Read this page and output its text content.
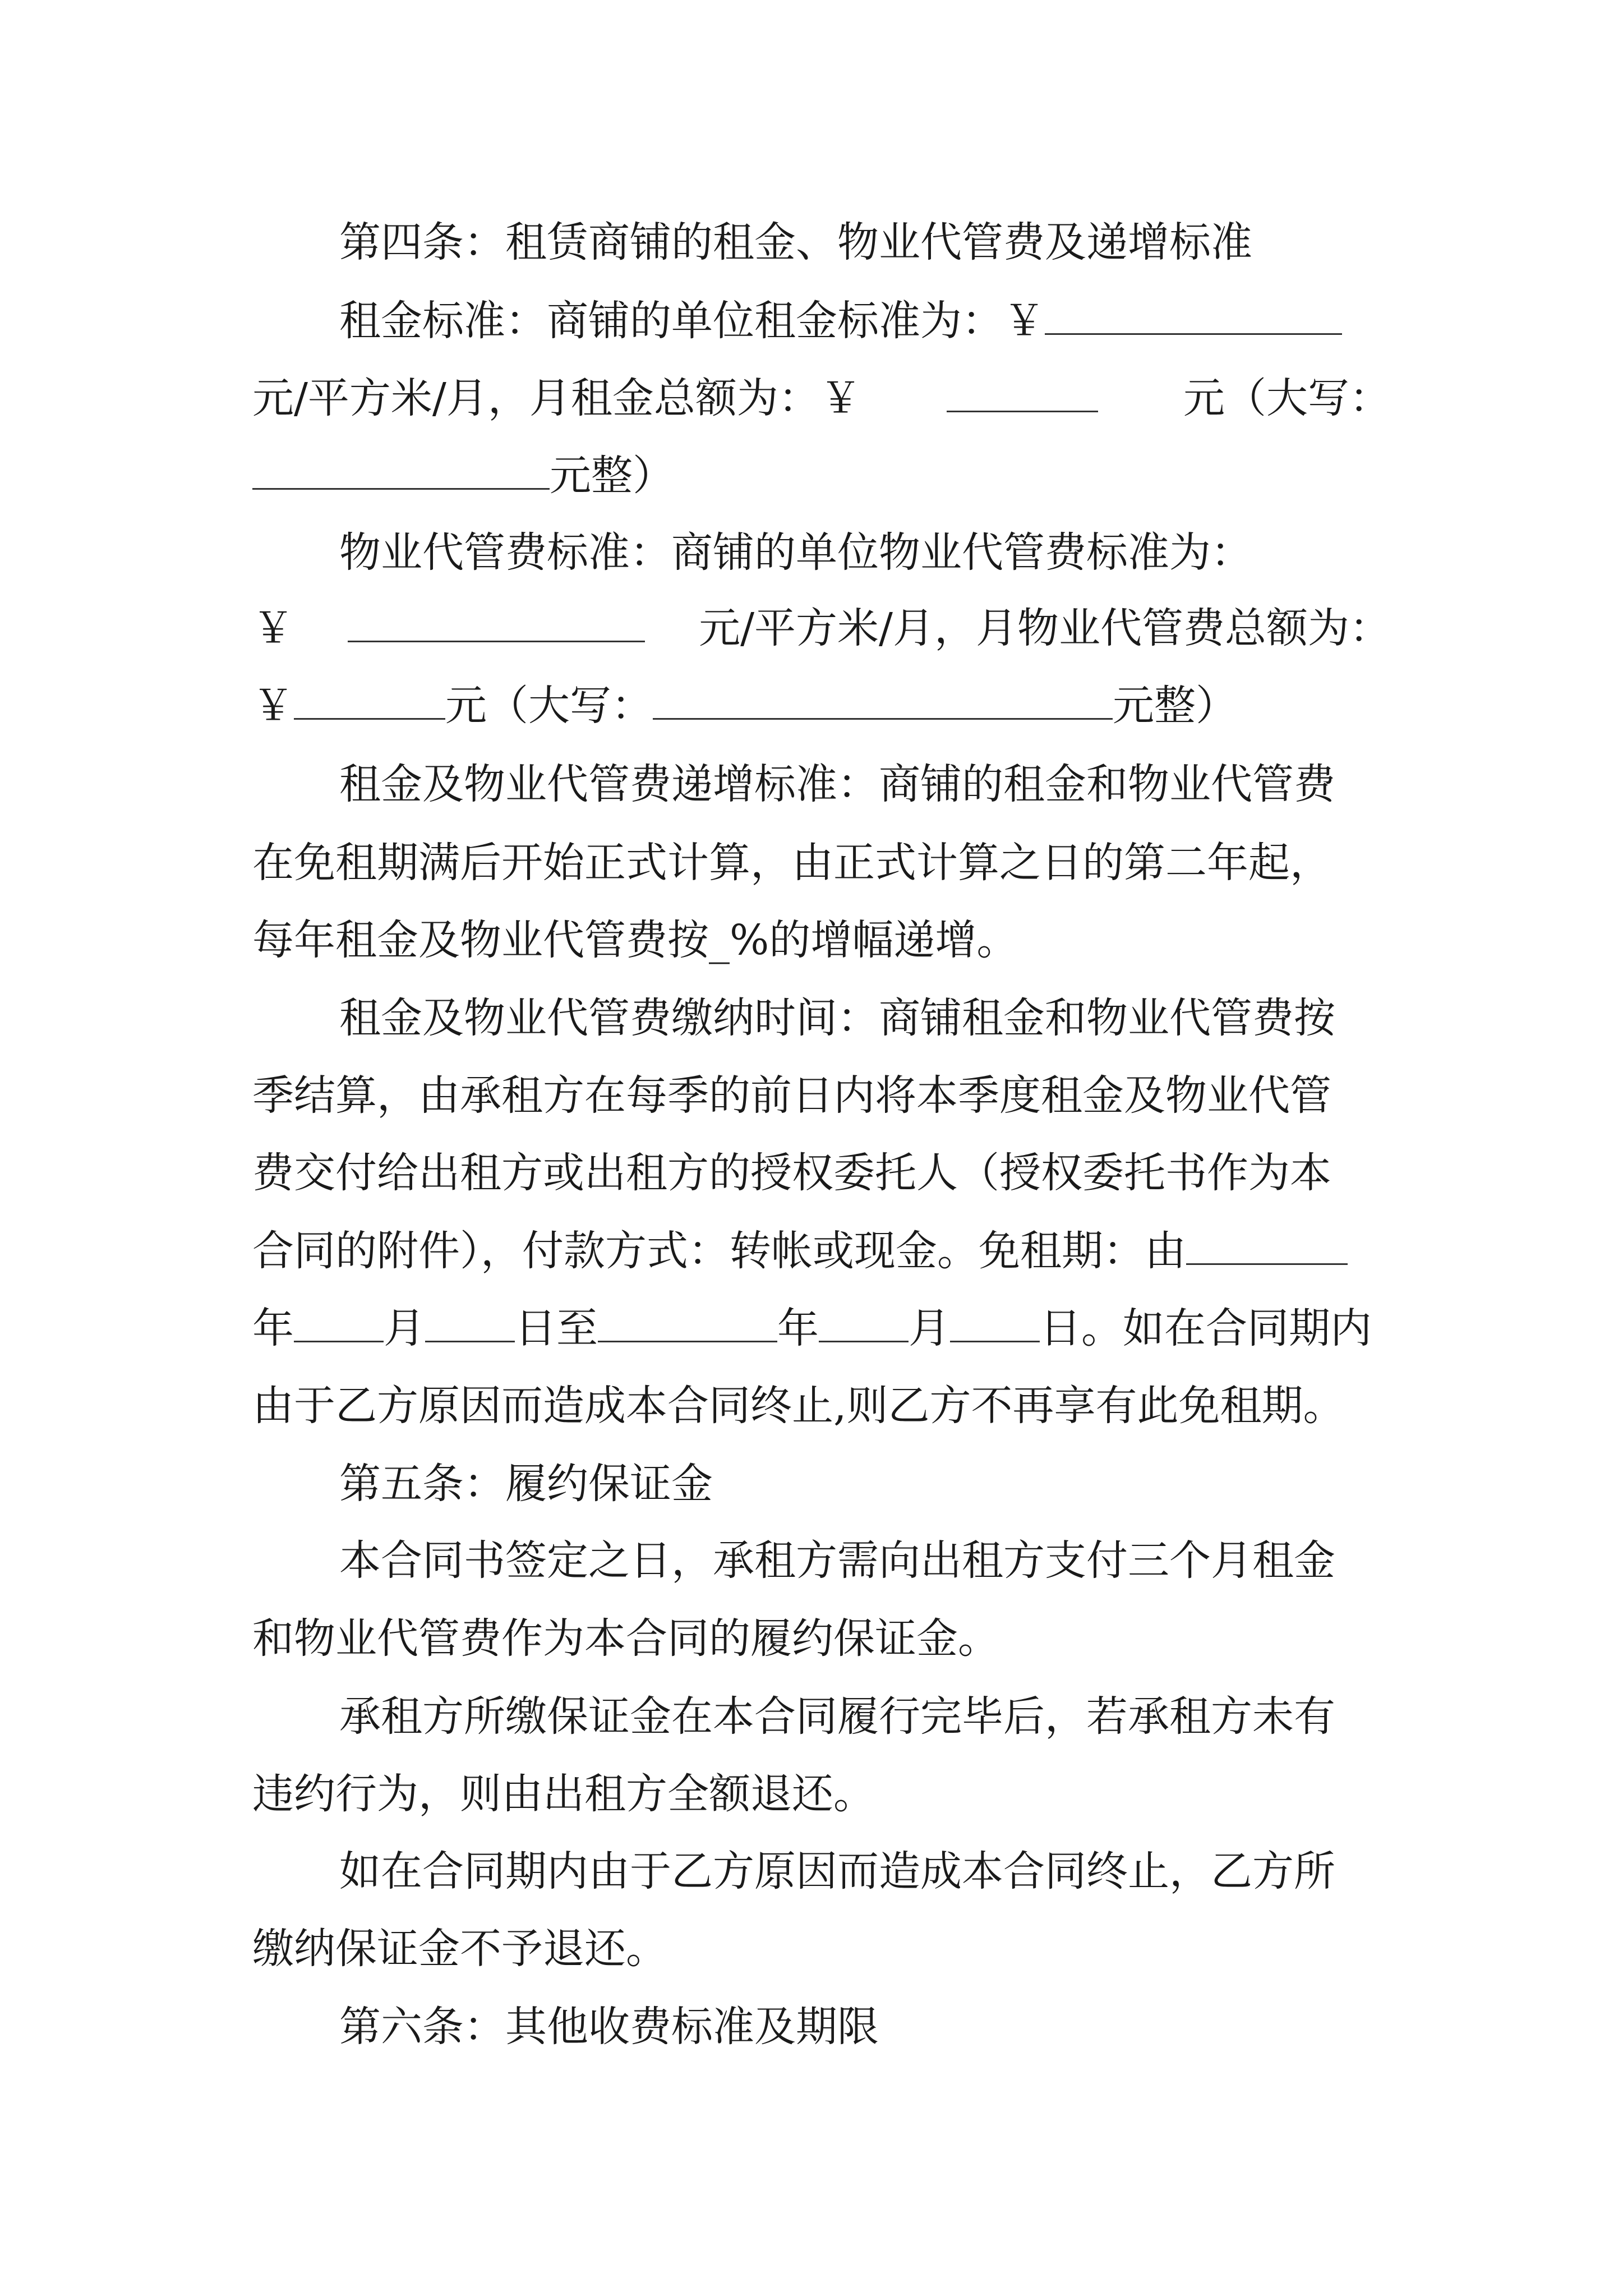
第四条：租赁商铺的租金、物业代管费及递增标准
租金标准：商铺的单位租金标准为：￥
元/平方米/月，月租金总额为：￥	元（大写：
元整）
物业代管费标准：商铺的单位物业代管费标准为：
￥	元/平方米/月，月物业代管费总额为：
￥	元（大写：	元整）
租金及物业代管费递增标准：商铺的租金和物业代管费
在免租期满后开始正式计算，由正式计算之日的第二年起，
每年租金及物业代管费按_%的增幅递增。
租金及物业代管费缴纳时间：商铺租金和物业代管费按
季结算，由承租方在每季的前日内将本季度租金及物业代管
费交付给出租方或出租方的授权委托人（授权委托书作为本
合同的附件），付款方式：转帐或现金。免租期：由
年 月 日至	年 月 日。如在合同期内
由于乙方原因而造成本合同终止,则乙方不再享有此免租期。
第五条：履约保证金
本合同书签定之日，承租方需向出租方支付三个月租金
和物业代管费作为本合同的履约保证金。
承租方所缴保证金在本合同履行完毕后，若承租方未有
违约行为，则由出租方全额退还。
如在合同期内由于乙方原因而造成本合同终止，乙方所
缴纳保证金不予退还。
第六条：其他收费标准及期限
